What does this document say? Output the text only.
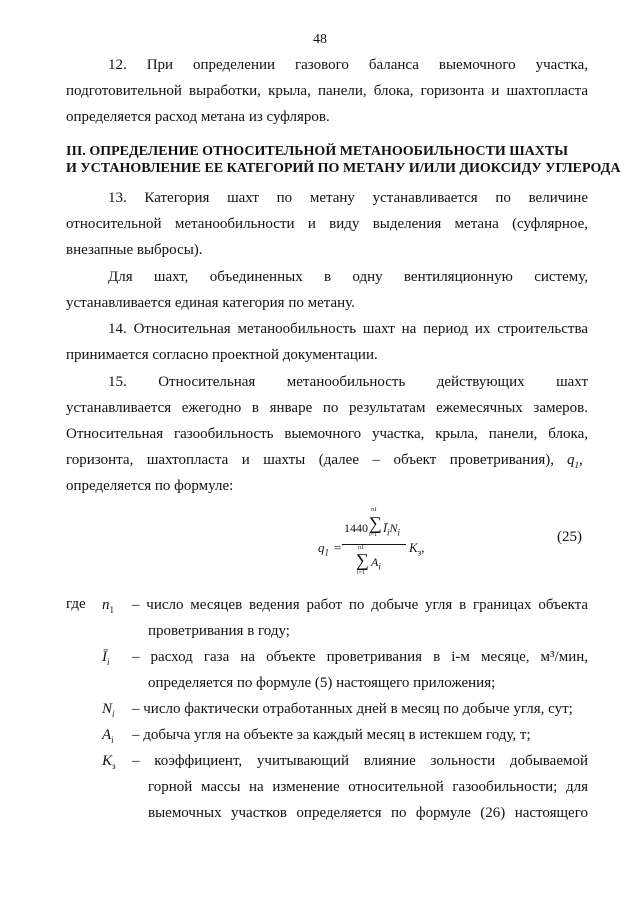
48
12. При определении газового баланса выемочного участка,
подготовительной выработки, крыла, панели, блока, горизонта и шахтопласта
определяется расход метана из суфляров.
III. ОПРЕДЕЛЕНИЕ ОТНОСИТЕЛЬНОЙ МЕТАНООБИЛЬНОСТИ ШАХТЫ
И УСТАНОВЛЕНИЕ ЕЕ КАТЕГОРИЙ ПО МЕТАНУ И/ИЛИ ДИОКСИДУ УГЛЕРОДА
13. Категория шахт по метану устанавливается по величине
относительной метанообильности и виду выделения метана (суфлярное,
внезапные выбросы).
Для шахт, объединенных в одну вентиляционную систему,
устанавливается единая категория по метану.
14. Относительная метанообильность шахт на период их строительства
принимается согласно проектной документации.
15. Относительная метанообильность действующих шахт
устанавливается ежегодно в январе по результатам ежемесячных замеров.
Относительная газообильность выемочного участка, крыла, панели, блока,
горизонта, шахтопласта и шахты (далее – объект проветривания), $q_1$,
определяется по формуле:
$q_1$ =
1440
n1
∑
i=1 $Ī_iN_i$
n1
∑
i=1
$A_i$
$K_з$,
(25)
где $n_1$ – число месяцев ведения работ по добыче угля в границах объекта
проветривания в году;
$Ī_i$ – расход газа на объекте проветривания в i-м месяце, м³/мин,
определяется по формуле (5) настоящего приложения;
$N_i$ – число фактически отработанных дней в месяц по добыче угля, сут;
$A_i$ – добыча угля на объекте за каждый месяц в истекшем году, т;
$K_з$ – коэффициент, учитывающий влияние зольности добываемой
горной массы на изменение относительной газообильности; для
выемочных участков определяется по формуле (26) настоящего
